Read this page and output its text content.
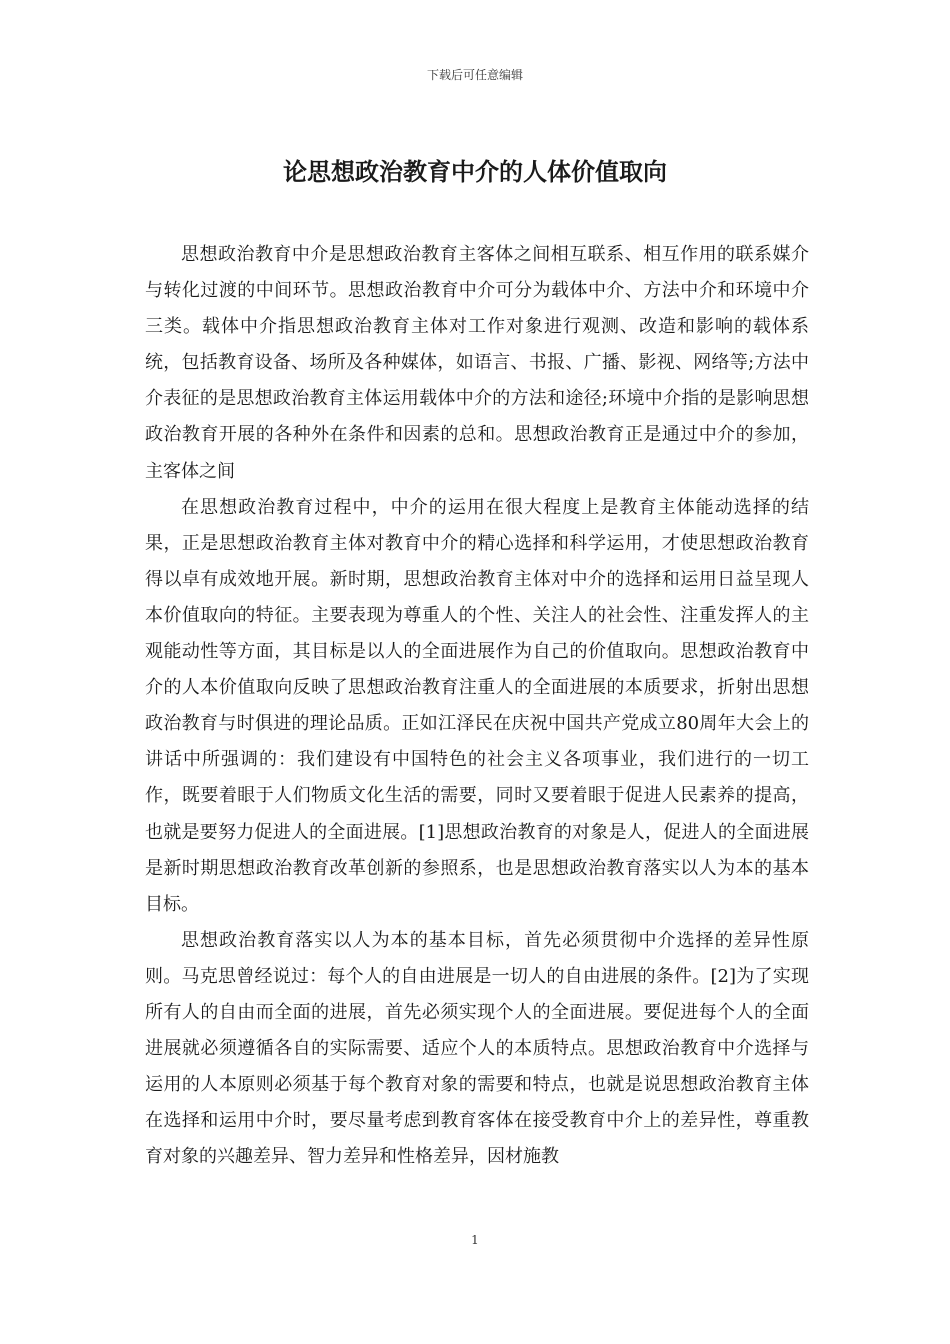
下载后可任意编辑
论思想政治教育中介的人体价值取向

思想政治教育中介是思想政治教育主客体之间相互联系、相互作用的联系媒介与转化过渡的中间环节。思想政治教育中介可分为载体中介、方法中介和环境中介三类。载体中介指思想政治教育主体对工作对象进行观测、改造和影响的载体系统，包括教育设备、场所及各种媒体，如语言、书报、广播、影视、网络等;方法中介表征的是思想政治教育主体运用载体中介的方法和途径;环境中介指的是影响思想政治教育开展的各种外在条件和因素的总和。思想政治教育正是通过中介的参加，主客体之间

在思想政治教育过程中，中介的运用在很大程度上是教育主体能动选择的结果，正是思想政治教育主体对教育中介的精心选择和科学运用，才使思想政治教育得以卓有成效地开展。新时期，思想政治教育主体对中介的选择和运用日益呈现人本价值取向的特征。主要表现为尊重人的个性、关注人的社会性、注重发挥人的主观能动性等方面，其目标是以人的全面进展作为自己的价值取向。思想政治教育中介的人本价值取向反映了思想政治教育注重人的全面进展的本质要求，折射出思想政治教育与时俱进的理论品质。正如江泽民在庆祝中国共产党成立80周年大会上的讲话中所强调的：我们建设有中国特色的社会主义各项事业，我们进行的一切工作，既要着眼于人们物质文化生活的需要，同时又要着眼于促进人民素养的提高，也就是要努力促进人的全面进展。[1]思想政治教育的对象是人，促进人的全面进展是新时期思想政治教育改革创新的参照系，也是思想政治教育落实以人为本的基本目标。

思想政治教育落实以人为本的基本目标，首先必须贯彻中介选择的差异性原则。马克思曾经说过：每个人的自由进展是一切人的自由进展的条件。[2]为了实现所有人的自由而全面的进展，首先必须实现个人的全面进展。要促进每个人的全面进展就必须遵循各自的实际需要、适应个人的本质特点。思想政治教育中介选择与运用的人本原则必须基于每个教育对象的需要和特点，也就是说思想政治教育主体在选择和运用中介时，要尽量考虑到教育客体在接受教育中介上的差异性，尊重教育对象的兴趣差异、智力差异和性格差异，因材施教

1
